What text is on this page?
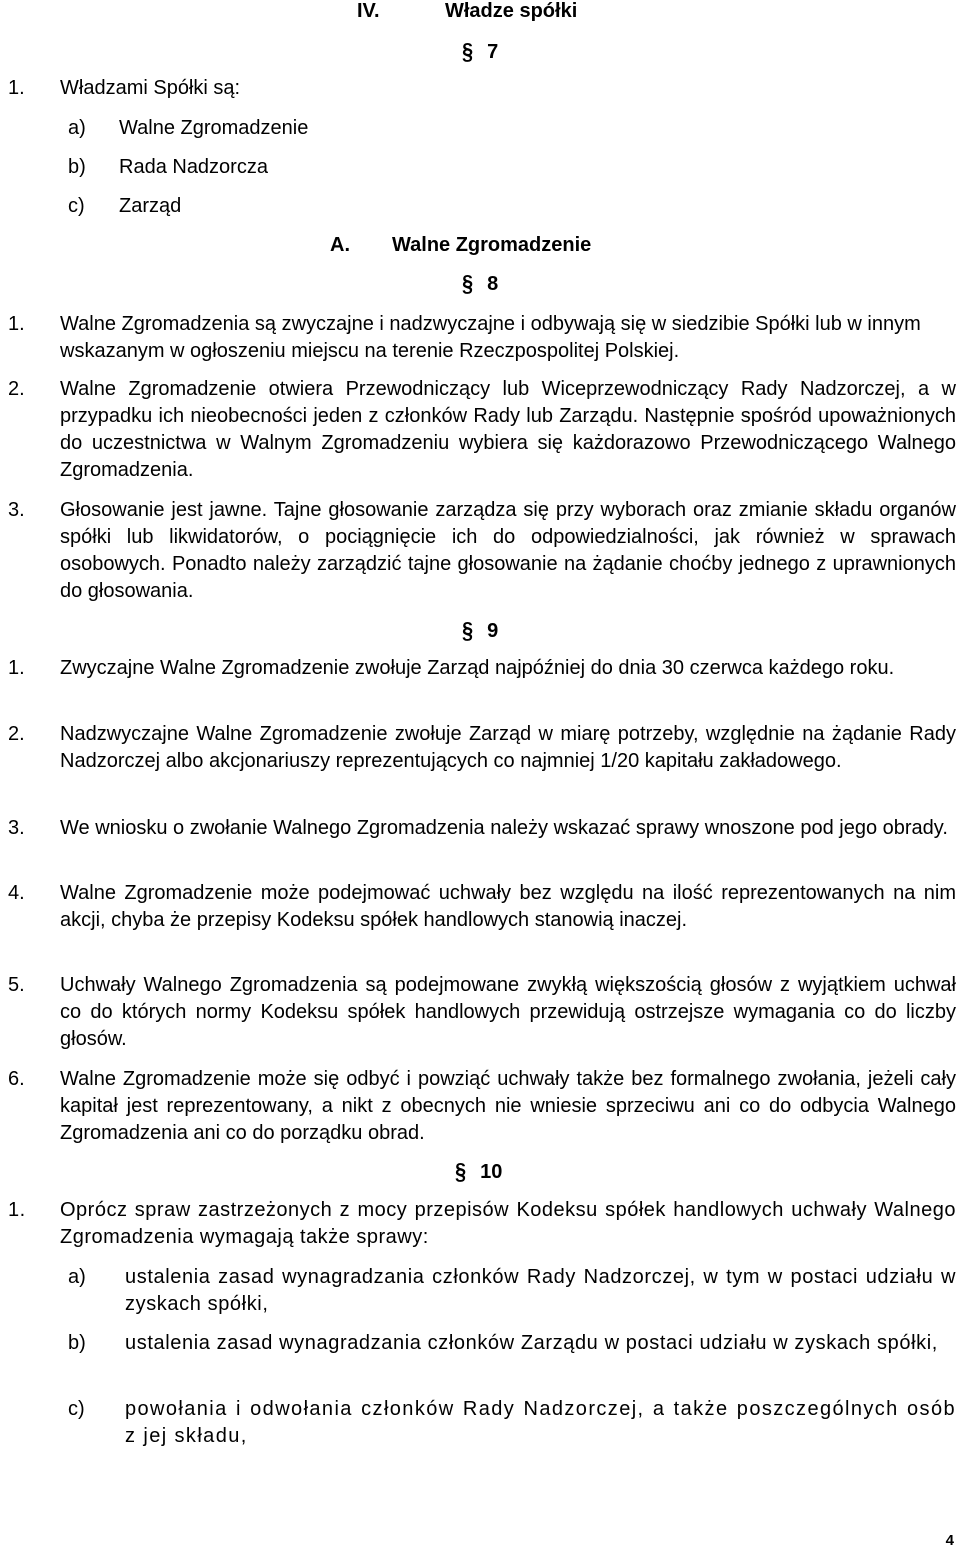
IV.	Władze spółki
§ 7
1. Władzami Spółki są:
a) Walne Zgromadzenie
b) Rada Nadzorcza
c) Zarząd
A. Walne Zgromadzenie
§ 8
1. Walne Zgromadzenia są zwyczajne i nadzwyczajne i odbywają się w siedzibie Spółki lub w innym wskazanym w ogłoszeniu miejscu na terenie Rzeczpospolitej Polskiej.
2. Walne Zgromadzenie otwiera Przewodniczący lub Wiceprzewodniczący Rady Nadzorczej, a w przypadku ich nieobecności jeden z członków Rady lub Zarządu. Następnie spośród upoważnionych do uczestnictwa w Walnym Zgromadzeniu wybiera się każdorazowo Przewodniczącego Walnego Zgromadzenia.
3. Głosowanie jest jawne. Tajne głosowanie zarządza się przy wyborach oraz zmianie składu organów spółki lub likwidatorów, o pociągnięcie ich do odpowiedzialności, jak również w sprawach osobowych. Ponadto należy zarządzić tajne głosowanie na żądanie choćby jednego z uprawnionych do głosowania.
§ 9
1. Zwyczajne Walne Zgromadzenie zwołuje Zarząd najpóźniej do dnia 30 czerwca każdego roku.
2. Nadzwyczajne Walne Zgromadzenie zwołuje Zarząd w miarę potrzeby, względnie na żądanie Rady Nadzorczej albo akcjonariuszy reprezentujących co najmniej 1/20 kapitału zakładowego.
3. We wniosku o zwołanie Walnego Zgromadzenia należy wskazać sprawy wnoszone pod jego obrady.
4. Walne Zgromadzenie może podejmować uchwały bez względu na ilość reprezentowanych na nim akcji, chyba że przepisy Kodeksu spółek handlowych stanowią inaczej.
5. Uchwały Walnego Zgromadzenia są podejmowane zwykłą większością głosów z wyjątkiem uchwał co do których normy Kodeksu spółek handlowych przewidują ostrzejsze wymagania co do liczby głosów.
6. Walne Zgromadzenie może się odbyć i powziąć uchwały także bez formalnego zwołania, jeżeli cały kapitał jest reprezentowany, a nikt z obecnych nie wniesie sprzeciwu ani co do odbycia Walnego Zgromadzenia ani co do porządku obrad.
§ 10
1. Oprócz spraw zastrzeżonych z mocy przepisów Kodeksu spółek handlowych uchwały Walnego Zgromadzenia wymagają także sprawy:
a) ustalenia zasad wynagradzania członków Rady Nadzorczej, w tym w postaci udziału w zyskach spółki,
b) ustalenia zasad wynagradzania członków Zarządu w postaci udziału w zyskach spółki,
c) powołania i odwołania członków Rady Nadzorczej, a także poszczególnych osób z jej składu,
4
